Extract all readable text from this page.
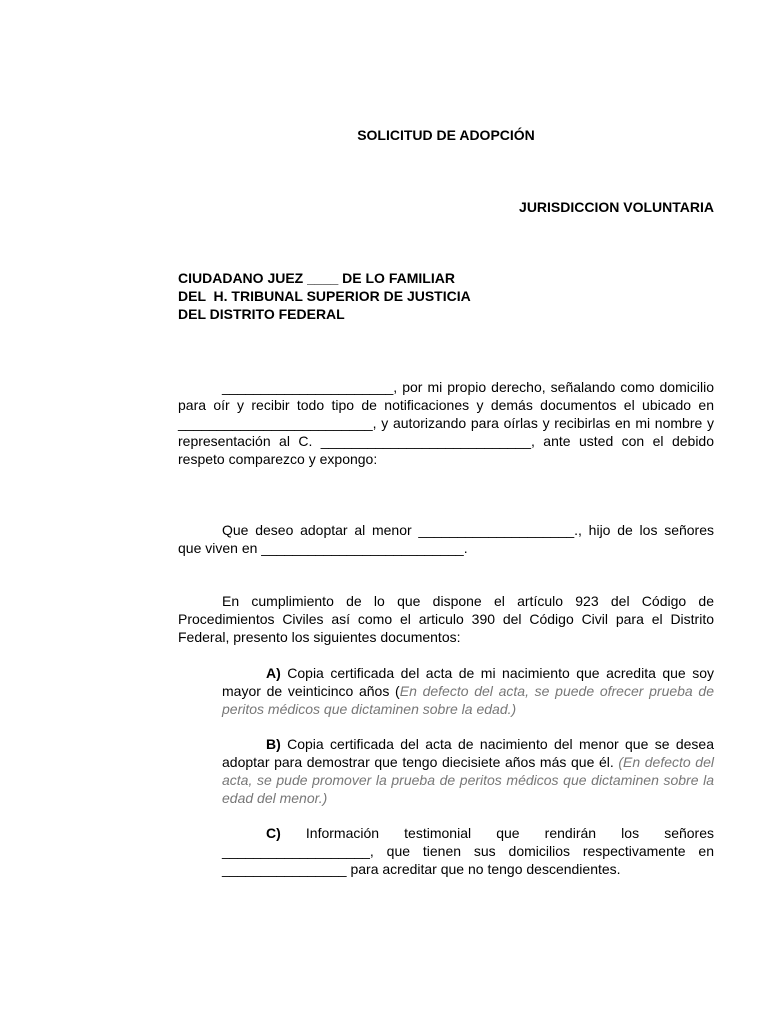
SOLICITUD DE ADOPCIÓN

JURISDICCION VOLUNTARIA

CIUDADANO JUEZ ____ DE LO FAMILIAR
DEL  H. TRIBUNAL SUPERIOR DE JUSTICIA
DEL DISTRITO FEDERAL

______________________, por mi propio derecho, señalando como domicilio para oír y recibir todo tipo de notificaciones y demás documentos el ubicado en _________________________, y autorizando para oírlas y recibirlas en mi nombre y representación al C. ___________________________, ante usted con el debido respeto comparezco y expongo:

Que deseo adoptar al menor ____________________., hijo de los señores que viven en __________________________.

En cumplimiento de lo que dispone el artículo 923 del Código de Procedimientos Civiles así como el articulo 390 del Código Civil para el Distrito Federal, presento los siguientes documentos:

A) Copia certificada del acta de mi nacimiento que acredita que soy mayor de veinticinco años (En defecto del acta, se puede ofrecer prueba de peritos médicos que dictaminen sobre la edad.)

B) Copia certificada del acta de nacimiento del menor que se desea adoptar para demostrar que tengo diecisiete años más que él. (En defecto del acta, se pude promover la prueba de peritos médicos que dictaminen sobre la edad del menor.)

C) Información testimonial que rendirán los señores ___________________, que tienen sus domicilios respectivamente en ________________ para acreditar que no tengo descendientes.
